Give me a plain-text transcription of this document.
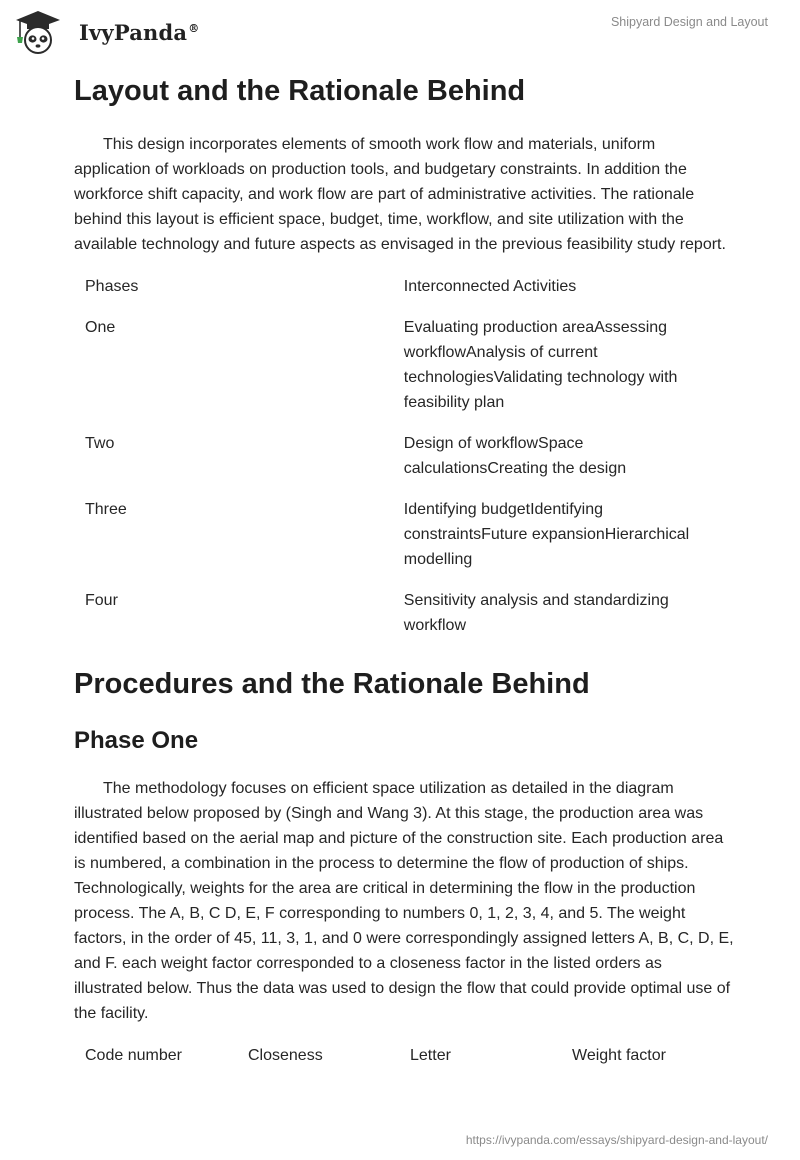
IvyPanda®	Shipyard Design and Layout
Layout and the Rationale Behind

This design incorporates elements of smooth work flow and materials, uniform application of workloads on production tools, and budgetary constraints. In addition the workforce shift capacity, and work flow are part of administrative activities. The rationale behind this layout is efficient space, budget, time, workflow, and site utilization with the available technology and future aspects as envisaged in the previous feasibility study report.

Phases	Interconnected Activities
One	Evaluating production areaAssessing workflowAnalysis of current technologiesValidating technology with feasibility plan
Two	Design of workflowSpace calculationsCreating the design
Three	Identifying budgetIdentifying constraintsFuture expansionHierarchical modelling
Four	Sensitivity analysis and standardizing workflow
Procedures and the Rationale Behind
Phase One

The methodology focuses on efficient space utilization as detailed in the diagram illustrated below proposed by (Singh and Wang 3). At this stage, the production area was identified based on the aerial map and picture of the construction site. Each production area is numbered, a combination in the process to determine the flow of production of ships. Technologically, weights for the area are critical in determining the flow in the production process. The A, B, C D, E, F corresponding to numbers 0, 1, 2, 3, 4, and 5. The weight factors, in the order of 45, 11, 3, 1, and 0 were correspondingly assigned letters A, B, C, D, E, and F. each weight factor corresponded to a closeness factor in the listed orders as illustrated below. Thus the data was used to design the flow that could provide optimal use of the facility.

Code number	Closeness	Letter	Weight factor
https://ivypanda.com/essays/shipyard-design-and-layout/
